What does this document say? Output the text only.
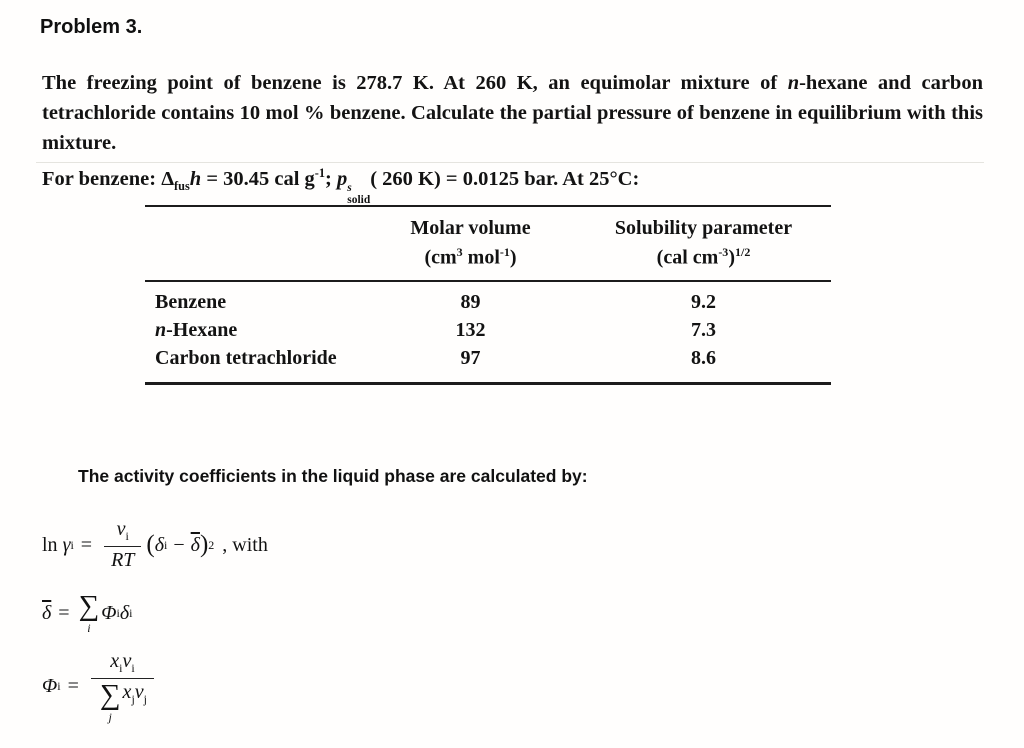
Problem 3.

The freezing point of benzene is 278.7 K. At 260 K, an equimolar mixture of n-hexane and carbon tetrachloride contains 10 mol % benzene. Calculate the partial pressure of benzene in equilibrium with this mixture.

For benzene: $\Delta_{fus}h = 30.45$ cal $g^{-1}$; p s
solid
( 260 K) = 0.0125 bar. At 25°C:

Molar volume
($cm^3$ mol$^{-1}$)
Solubility parameter
(cal $cm^{-3})^{1/2}$
Benzene	89	9.2
n-Hexane	132	7.3
Carbon tetrachloride	97	8.6

The activity coefficients in the liquid phase are calculated by:

ln
γ $i = \frac{v_i}{RT}$ ( δ $i - \overline{\delta}$ ) 2 , with
$\overline{\delta}$ = ∑
i
Φ i δ i
Φ $i = x_iv_i$
∑
j
$x_jv_j$
